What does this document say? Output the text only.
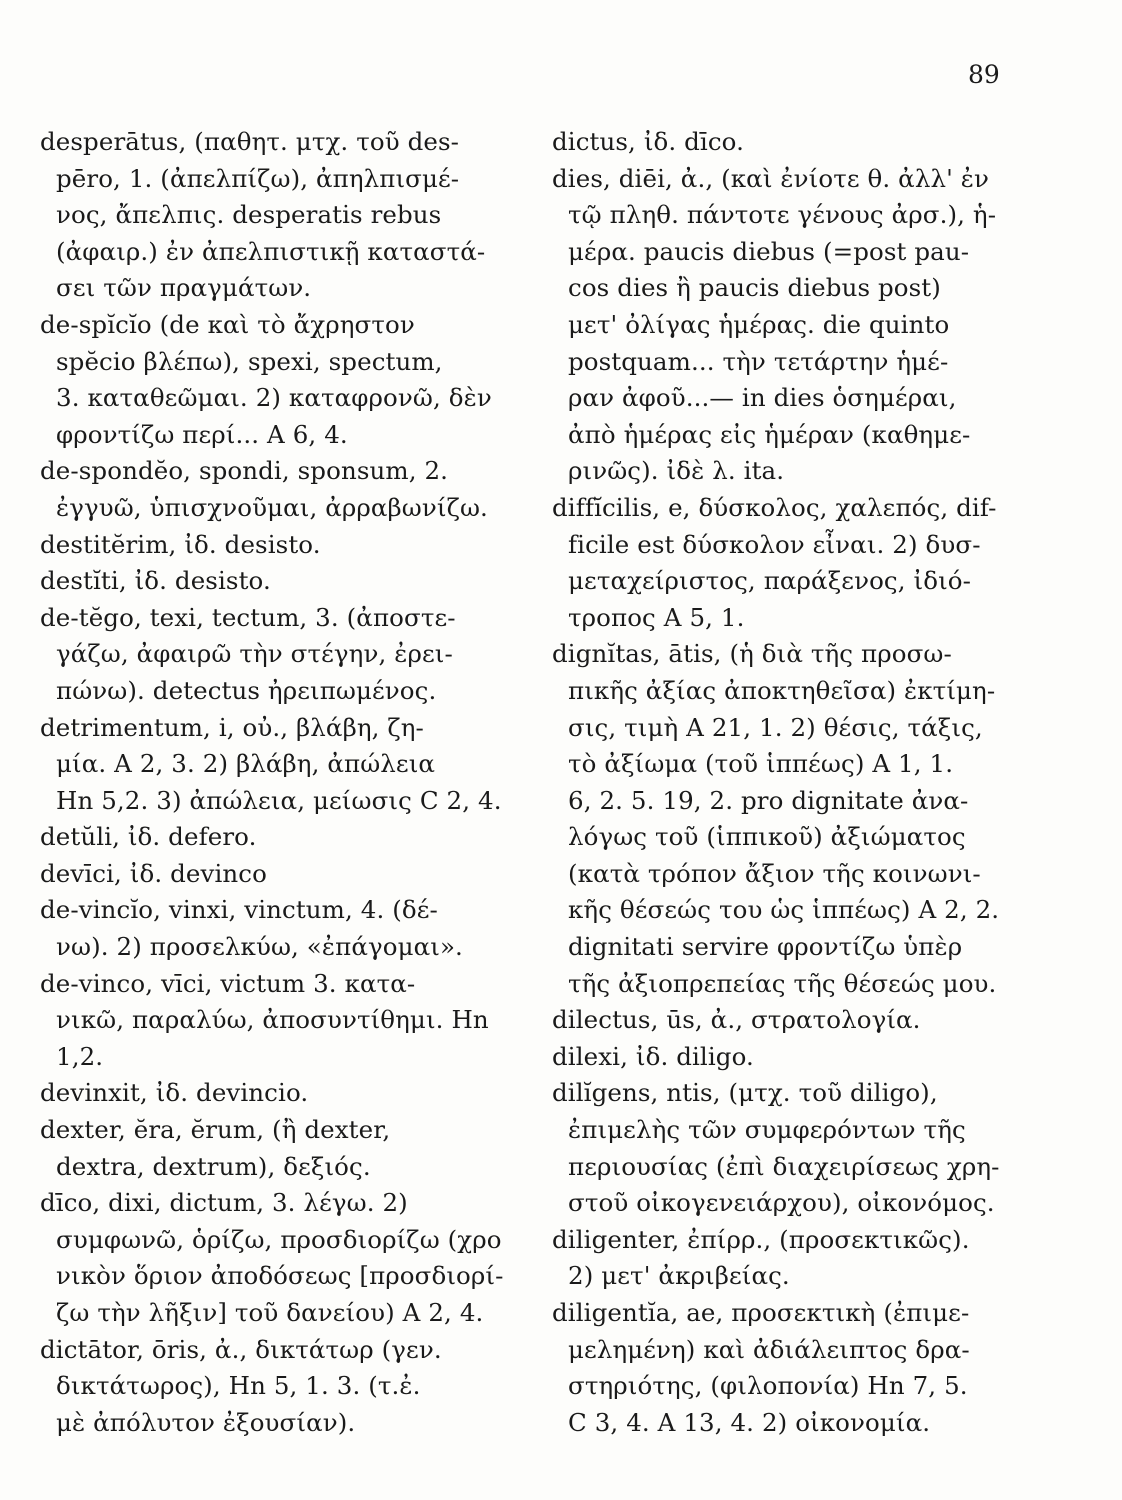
89
desperātus, (παθητ. μτχ. τοῦ des-
pēro, 1. (ἀπελπίζω), ἀπηλπισμέ-
νος, ἄπελπις. desperatis rebus
(ἀφαιρ.) ἐν ἀπελπιστικῇ καταστά-
σει τῶν πραγμάτων.
de-spĭcĭo (de καὶ τὸ ἄχρηστον
spĕcio βλέπω), spexi, spectum,
3. καταθεῶμαι. 2) καταφρονῶ, δὲν
φροντίζω περί... Α 6, 4.
de-spondĕo, spondi, sponsum, 2.
ἐγγυῶ, ὑπισχνοῦμαι, ἀρραβωνίζω.
destitĕrim, ἰδ. desisto.
destĭti, ἰδ. desisto.
de-tĕgo, texi, tectum, 3. (ἀποστε-
γάζω, ἀφαιρῶ τὴν στέγην, ἐρει-
πώνω). detectus ἠρειπωμένος.
detrimentum, i, οὐ., βλάβη, ζη-
μία. Α 2, 3. 2) βλάβη, ἀπώλεια
Hn 5,2. 3) ἀπώλεια, μείωσις C 2, 4.
detŭli, ἰδ. defero.
devīci, ἰδ. devinco
de-vincĭo, vinxi, vinctum, 4. (δέ-
νω). 2) προσελκύω, «ἐπάγομαι».
de-vinco, vīci, victum 3. κατα-
νικῶ, παραλύω, ἀποσυντίθημι. Hn
1,2.
devinxit, ἰδ. devincio.
dexter, ĕra, ĕrum, (ἢ dexter,
dextra, dextrum), δεξιός.
dīco, dixi, dictum, 3. λέγω. 2)
συμφωνῶ, ὁρίζω, προσδιορίζω (χρο
νικὸν ὅριον ἀποδόσεως [προσδιορί-
ζω τὴν λῆξιν] τοῦ δανείου) Α 2, 4.
dictātor, ōris, ἀ., δικτάτωρ (γεν.
δικτάτωρος), Hn 5, 1. 3. (τ.ἐ.
μὲ ἀπόλυτον ἐξουσίαν).
dictus, ἰδ. dīco.
dies, diēi, ἀ., (καὶ ἐνίοτε θ. ἀλλ' ἐν
τῷ πληθ. πάντοτε γένους ἀρσ.), ἡ-
μέρα. paucis diebus (=post pau-
cos dies ἢ paucis diebus post)
μετ' ὀλίγας ἡμέρας. die quinto
postquam... τὴν τετάρτην ἡμέ-
ραν ἀφοῦ...— in dies ὁσημέραι,
ἀπὸ ἡμέρας εἰς ἡμέραν (καθημε-
ρινῶς). ἰδὲ λ. ita.
diffĭcilis, e, δύσκολος, χαλεπός, dif-
ficile est δύσκολον εἶναι. 2) δυσ-
μεταχείριστος, παράξενος, ἰδιό-
τροπος Α 5, 1.
dignĭtas, ātis, (ἡ διὰ τῆς προσω-
πικῆς ἀξίας ἀποκτηθεῖσα) ἐκτίμη-
σις, τιμὴ Α 21, 1. 2) θέσις, τάξις,
τὸ ἀξίωμα (τοῦ ἱππέως) Α 1, 1.
6, 2. 5. 19, 2. pro dignitate ἀνα-
λόγως τοῦ (ἱππικοῦ) ἀξιώματος
(κατὰ τρόπον ἄξιον τῆς κοινωνι-
κῆς θέσεώς του ὡς ἱππέως) Α 2, 2.
dignitati servire φροντίζω ὑπὲρ
τῆς ἀξιοπρεπείας τῆς θέσεώς μου.
dilectus, ūs, ἀ., στρατολογία.
dilexi, ἰδ. diligo.
dilĭgens, ntis, (μτχ. τοῦ diligo),
ἐπιμελὴς τῶν συμφερόντων τῆς
περιουσίας (ἐπὶ διαχειρίσεως χρη-
στοῦ οἰκογενειάρχου), οἰκονόμος.
diligenter, ἐπίρρ., (προσεκτικῶς).
2) μετ' ἀκριβείας.
diligentĭa, ae, προσεκτικὴ (ἐπιμε-
μελημένη) καὶ ἀδιάλειπτος δρα-
στηριότης, (φιλοπονία) Hn 7, 5.
C 3, 4. Α 13, 4. 2) οἰκονομία.
